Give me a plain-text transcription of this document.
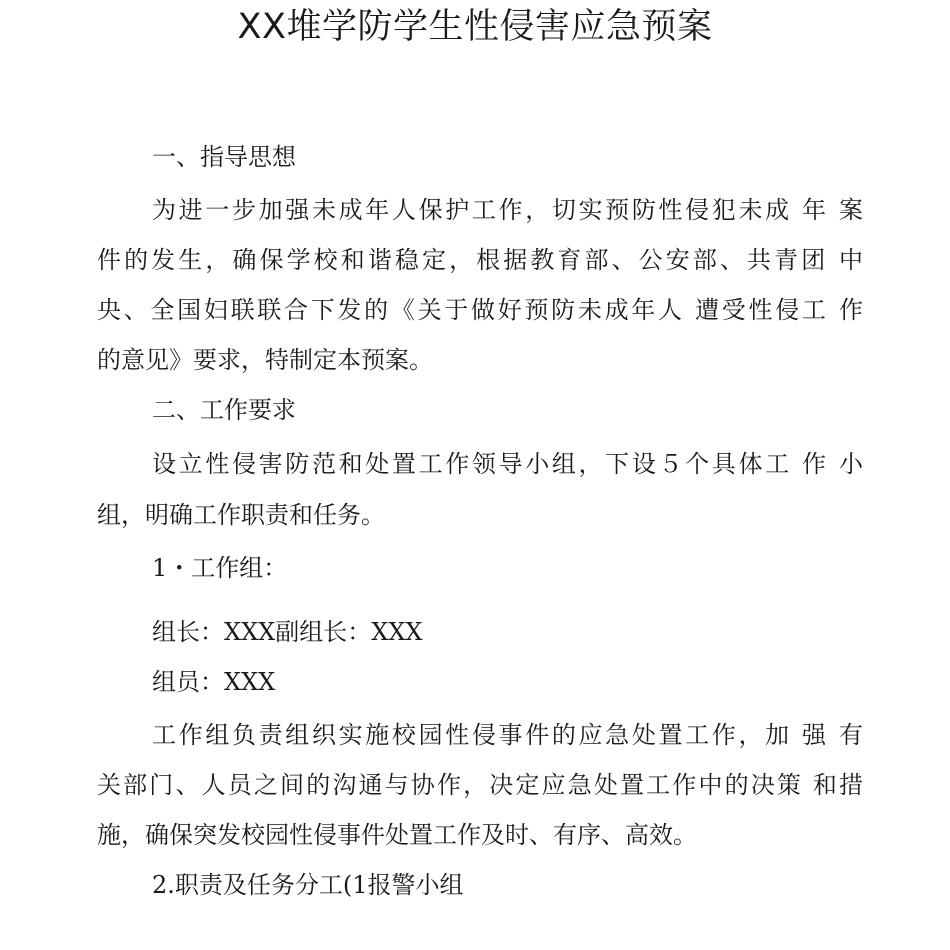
XX堆学防学生性侵害应急预案

一、指导思想

为进一步加强未成年人保护工作，切实预防性侵犯未成 年 案

件的发生，确保学校和谐稳定，根据教育部、公安部、共青团 中

央、全国妇联联合下发的《关于做好预防未成年人 遭受性侵工 作

的意见》要求，特制定本预案。

二、工作要求

设立性侵害防范和处置工作领导小组，下设５个具体工 作 小

组，明确工作职责和任务。

1・工作组：

组长：XXX副组长：XXX

组员：XXX

工作组负责组织实施校园性侵事件的应急处置工作，加 强 有

关部门、人员之间的沟通与协作，决定应急处置工作中的决策 和措

施，确保突发校园性侵事件处置工作及时、有序、高效。

2.职责及任务分工(1报警小组
